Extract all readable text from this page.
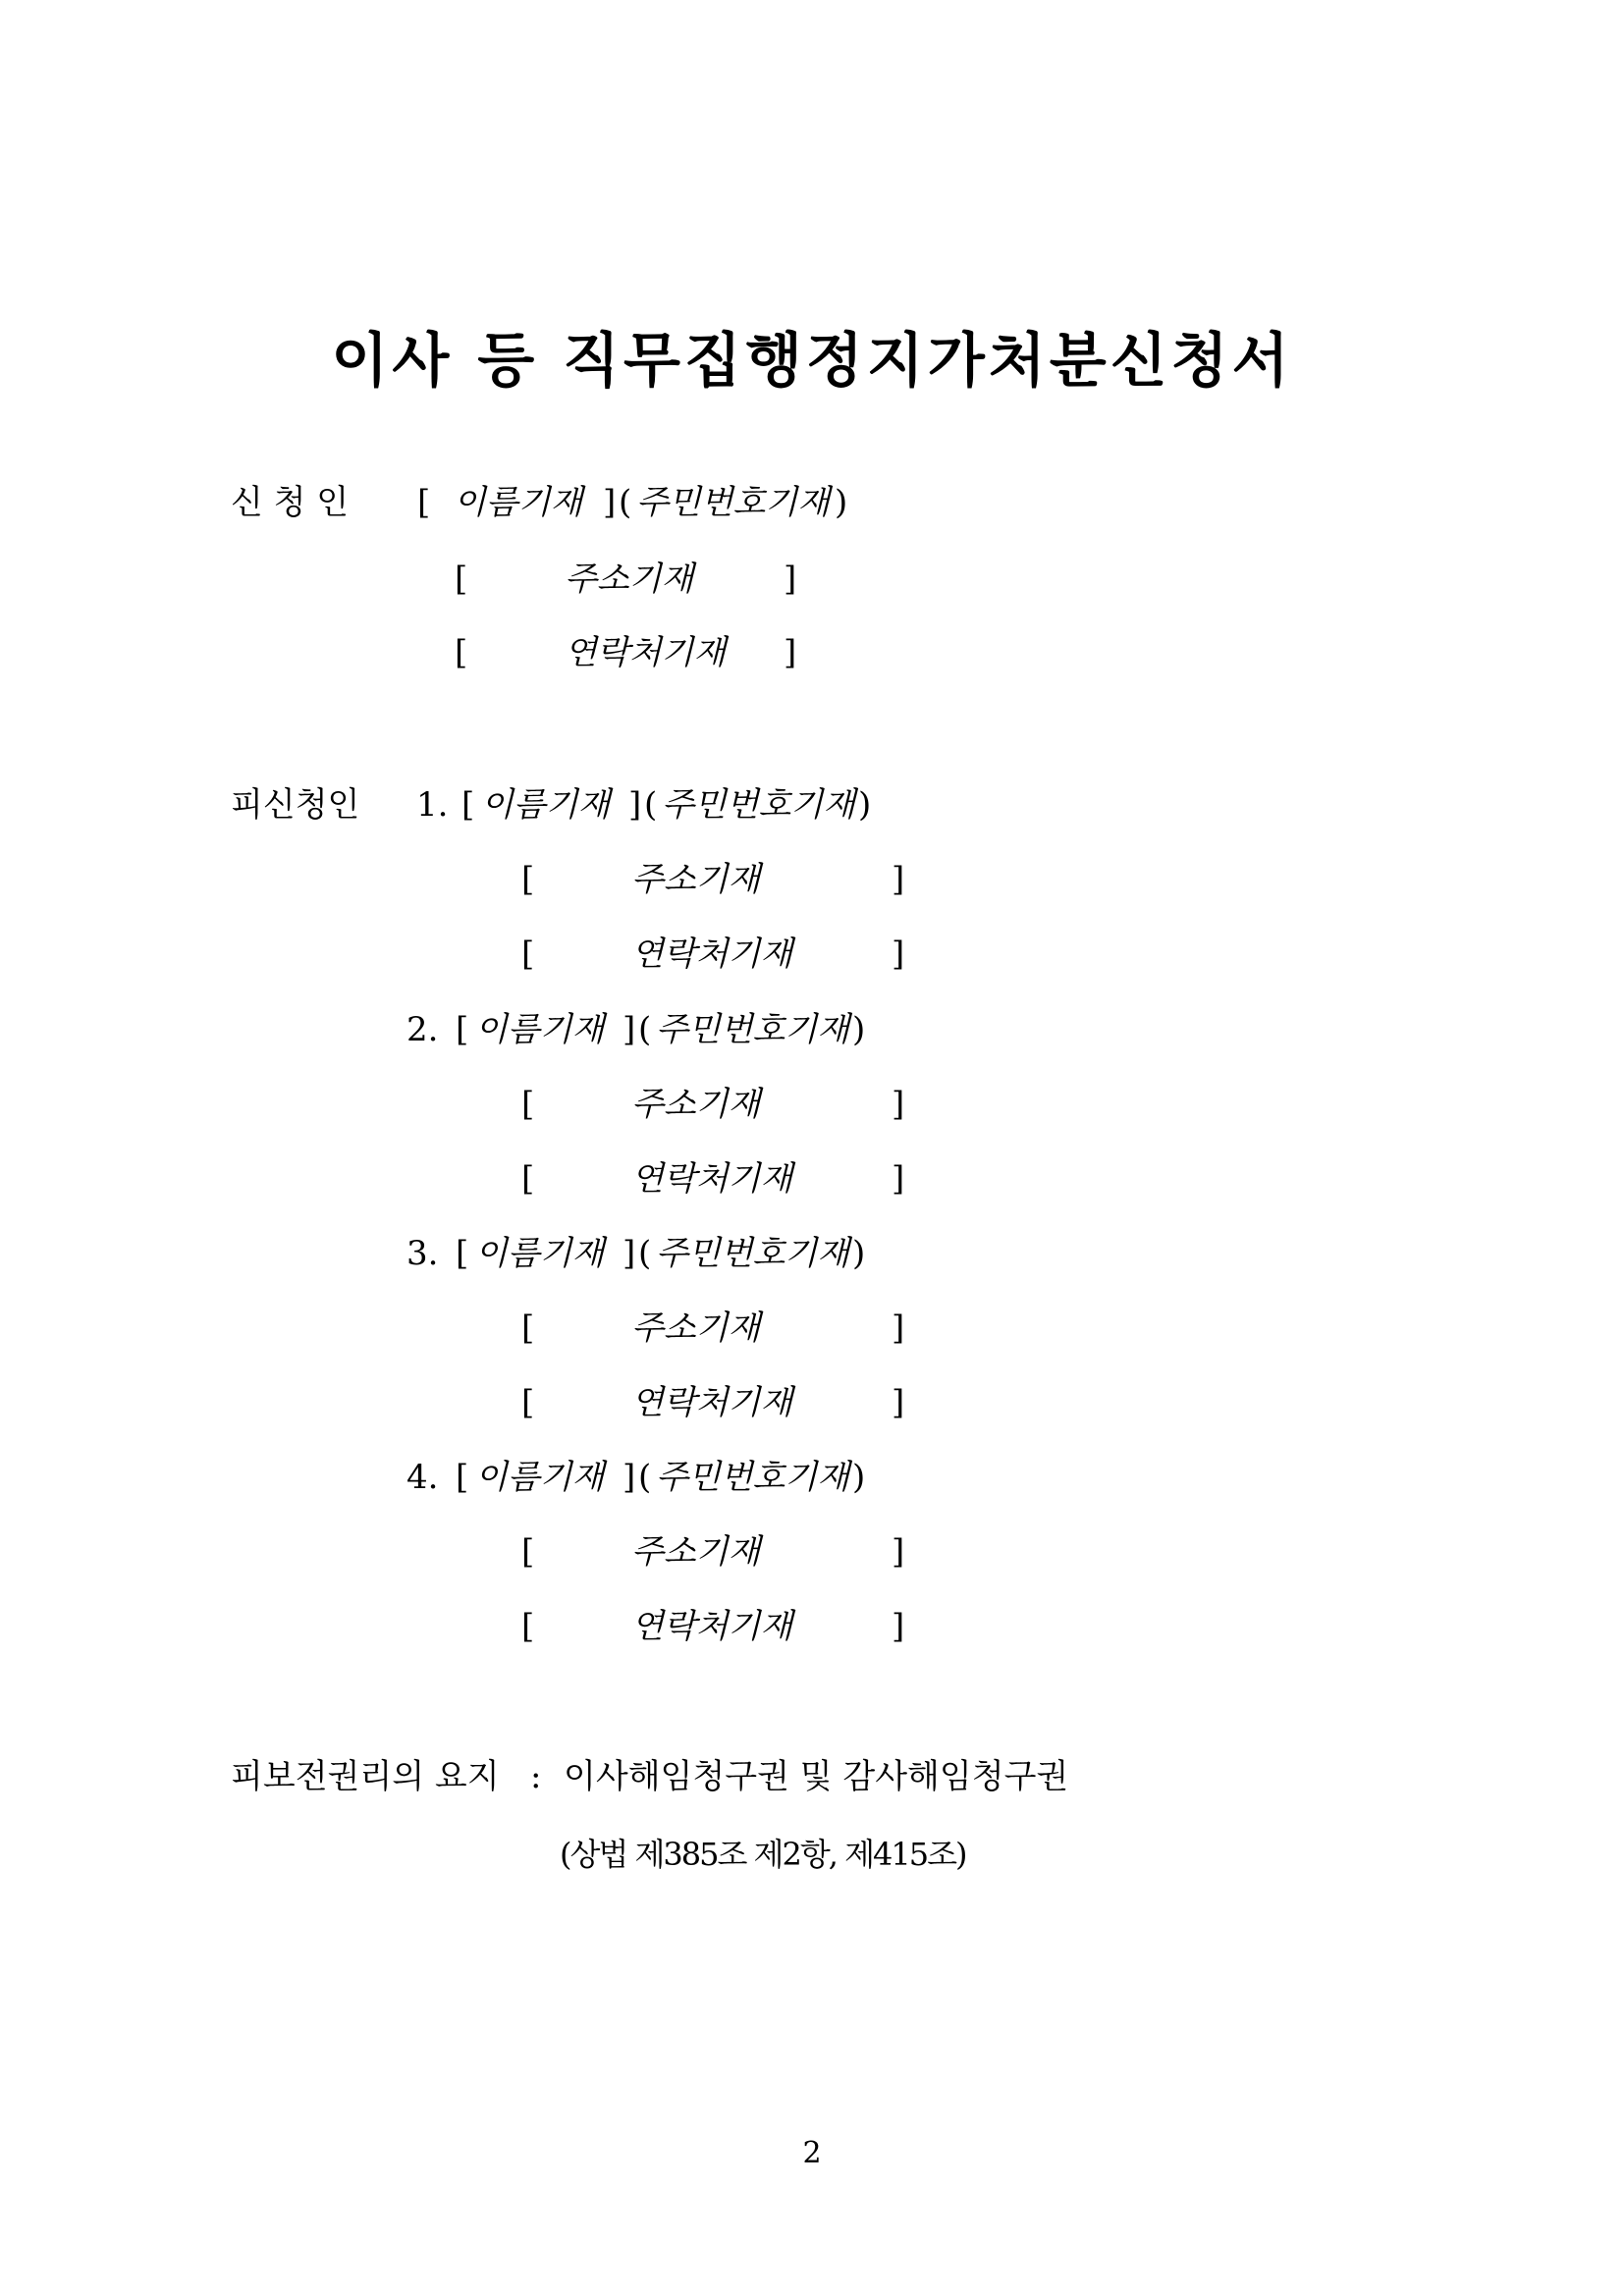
이사 등 직무집행정지가처분신청서
신 청 인 [ 이름기재 ] ( 주민번호기재 )
[	주소기재	]
[	연락처기재 ]
피신청인 1. [ 이름기재 ] ( 주민번호기재 )
[	주소기재	]
[	연락처기재	]
2. [ 이름기재 ] ( 주민번호기재 )
[	주소기재	]
[	연락처기재	]
3. [ 이름기재 ] ( 주민번호기재 )
[	주소기재	]
[	연락처기재	]
4. [ 이름기재 ] ( 주민번호기재 )
[	주소기재	]
[	연락처기재	]
피보전권리의 요지 : 이사해임청구권 및 감사해임청구권
(상법 제385조 제2항, 제415조)
2
